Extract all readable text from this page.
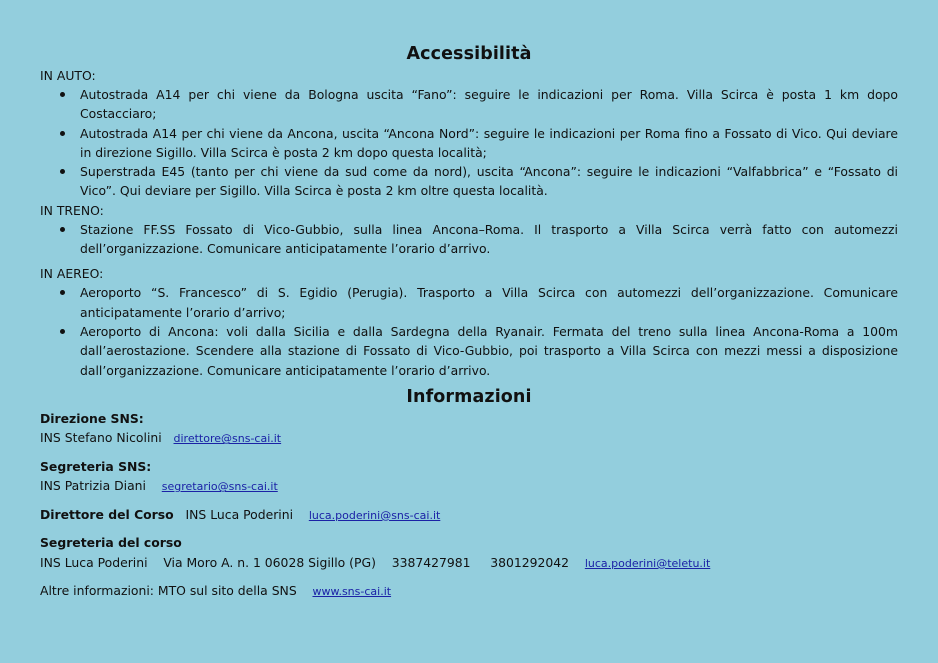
Accessibilità
IN AUTO:
Autostrada A14 per chi viene da Bologna uscita “Fano”: seguire le indicazioni per Roma. Villa Scirca è posta 1 km dopo Costacciaro;
Autostrada A14 per chi viene da Ancona, uscita “Ancona Nord”: seguire le indicazioni per Roma fino a Fossato di Vico. Qui deviare in direzione Sigillo. Villa Scirca è posta 2 km dopo questa località;
Superstrada E45 (tanto per chi viene da sud come da nord), uscita “Ancona”: seguire le indicazioni “Valfabbrica” e “Fossato di Vico”. Qui deviare per Sigillo. Villa Scirca è posta 2 km oltre questa località.
IN TRENO:
Stazione FF.SS Fossato di Vico-Gubbio, sulla linea Ancona–Roma. Il trasporto a Villa Scirca verrà fatto con automezzi dell’organizzazione. Comunicare anticipatamente l’orario d’arrivo.
IN AEREO:
Aeroporto “S. Francesco” di S. Egidio (Perugia). Trasporto a Villa Scirca con automezzi dell’organizzazione. Comunicare anticipatamente l’orario d’arrivo;
Aeroporto di Ancona: voli dalla Sicilia e dalla Sardegna della Ryanair. Fermata del treno sulla linea Ancona-Roma a 100m dall’aerostazione. Scendere alla stazione di Fossato di Vico-Gubbio, poi trasporto a Villa Scirca con mezzi messi a disposizione dall’organizzazione. Comunicare anticipatamente l’orario d’arrivo.
Informazioni
Direzione SNS:
INS Stefano Nicolini direttore@sns-cai.it
Segreteria SNS:
INS Patrizia Diani segretario@sns-cai.it
Direttore del Corso INS Luca Poderini luca.poderini@sns-cai.it
Segreteria del corso
INS Luca Poderini Via Moro A. n. 1 06028 Sigillo (PG) 3387427981 3801292042 luca.poderini@teletu.it
Altre informazioni: MTO sul sito della SNS www.sns-cai.it
